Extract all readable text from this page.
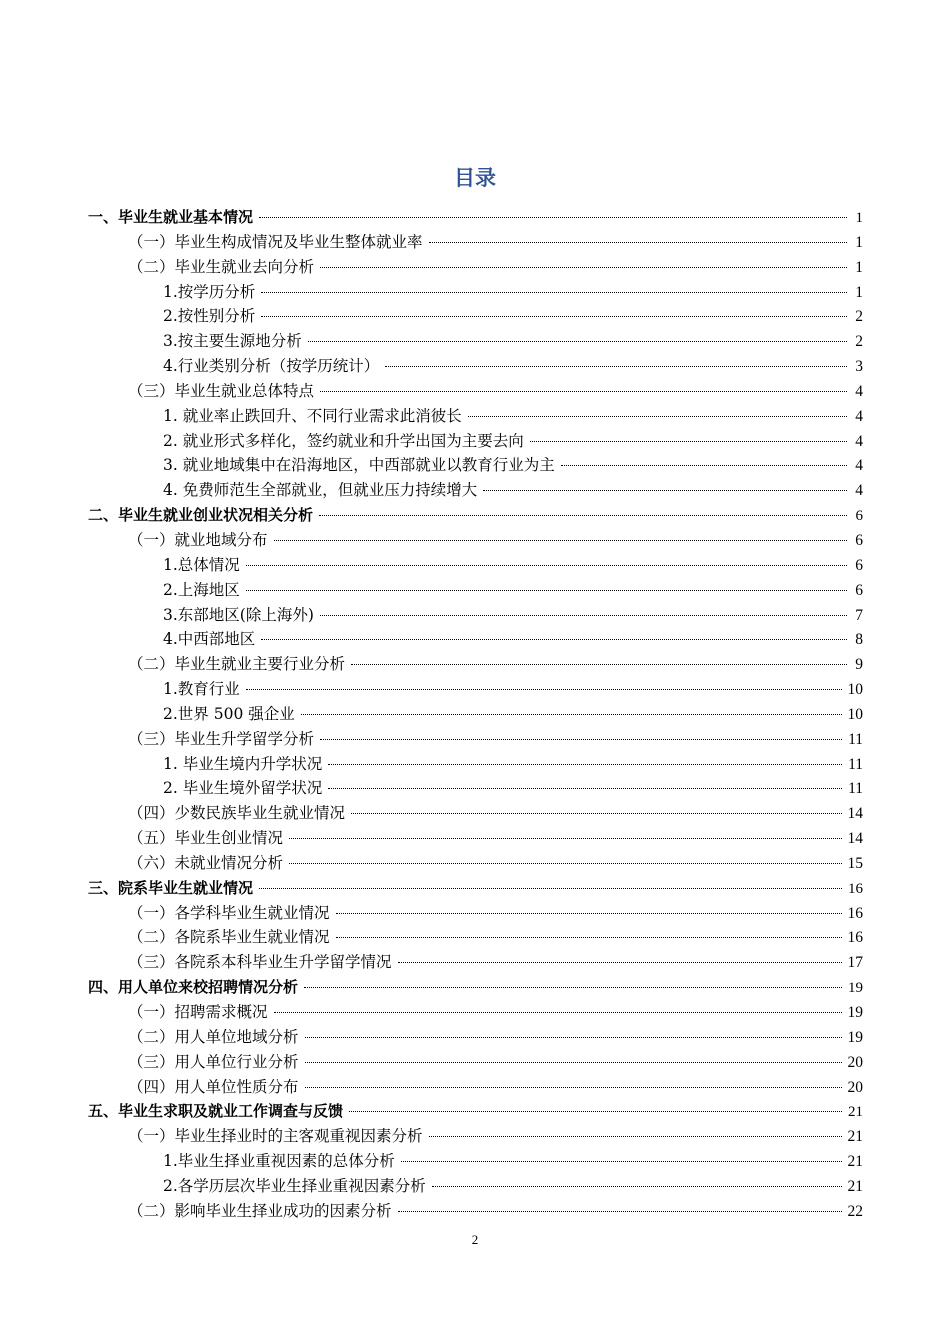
目录
一、毕业生就业基本情况	1
（一）毕业生构成情况及毕业生整体就业率	1
（二）毕业生就业去向分析	1
1.按学历分析	1
2.按性别分析	2
3.按主要生源地分析	2
4.行业类别分析（按学历统计）	3
（三）毕业生就业总体特点	4
1. 就业率止跌回升、不同行业需求此消彼长	4
2. 就业形式多样化，签约就业和升学出国为主要去向	4
3. 就业地域集中在沿海地区，中西部就业以教育行业为主	4
4. 免费师范生全部就业，但就业压力持续增大	4
二、毕业生就业创业状况相关分析	6
（一）就业地域分布	6
1.总体情况	6
2.上海地区	6
3.东部地区(除上海外)	7
4.中西部地区	8
（二）毕业生就业主要行业分析	9
1.教育行业	10
2.世界 500 强企业	10
（三）毕业生升学留学分析	11
1. 毕业生境内升学状况	11
2. 毕业生境外留学状况	11
（四）少数民族毕业生就业情况	14
（五）毕业生创业情况	14
（六）未就业情况分析	15
三、院系毕业生就业情况	16
（一）各学科毕业生就业情况	16
（二）各院系毕业生就业情况	16
（三）各院系本科毕业生升学留学情况	17
四、用人单位来校招聘情况分析	19
（一）招聘需求概况	19
（二）用人单位地域分析	19
（三）用人单位行业分析	20
（四）用人单位性质分布	20
五、毕业生求职及就业工作调查与反馈	21
（一）毕业生择业时的主客观重视因素分析	21
1.毕业生择业重视因素的总体分析	21
2.各学历层次毕业生择业重视因素分析	21
（二）影响毕业生择业成功的因素分析	22
2
